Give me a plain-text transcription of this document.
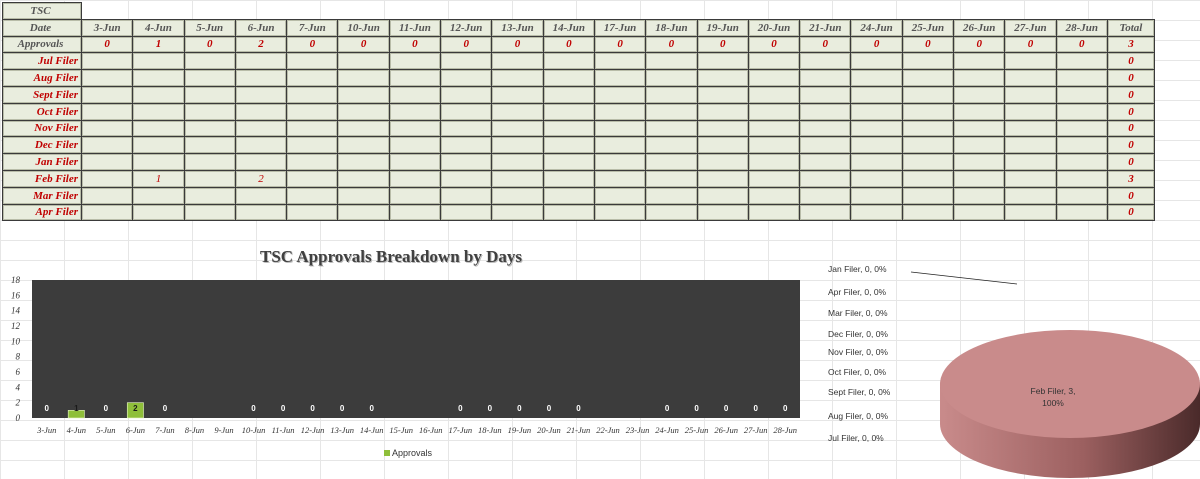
TSC																					
Date	3-Jun	4-Jun	5-Jun	6-Jun	7-Jun	10-Jun	11-Jun	12-Jun	13-Jun	14-Jun	17-Jun	18-Jun	19-Jun	20-Jun	21-Jun	24-Jun	25-Jun	26-Jun	27-Jun	28-Jun	Total
Approvals	0	1	0	2	0	0	0	0	0	0	0	0	0	0	0	0	0	0	0	0	3
Jul Filer																					0
Aug Filer																					0
Sept Filer																					0
Oct Filer																					0
Nov Filer																					0
Dec Filer																					0
Jan Filer																					0
Feb Filer		1		2																	3
Mar Filer																					0
Apr Filer																					0
TSC Approvals Breakdown by Days
0
2
4
6
8
10
12
14
16
18
3-Jun
0
4-Jun
1
5-Jun
0
6-Jun
2
7-Jun
0
8-Jun 9-Jun 10-Jun
0
11-Jun
0
12-Jun
0
13-Jun
0
14-Jun
0
15-Jun 16-Jun 17-Jun
0
18-Jun
0
19-Jun
0
20-Jun
0
21-Jun
0
22-Jun 23-Jun 24-Jun
0
25-Jun
0
26-Jun
0
27-Jun
0
28-Jun
0
Approvals
Jan Filer, 0, 0%
Apr Filer, 0, 0%
Mar Filer, 0, 0%
Dec Filer, 0, 0%
Nov Filer, 0, 0%
Oct Filer, 0, 0%
Sept Filer, 0, 0%
Aug Filer, 0, 0%
Jul Filer, 0, 0%
Feb Filer, 3,
100%
